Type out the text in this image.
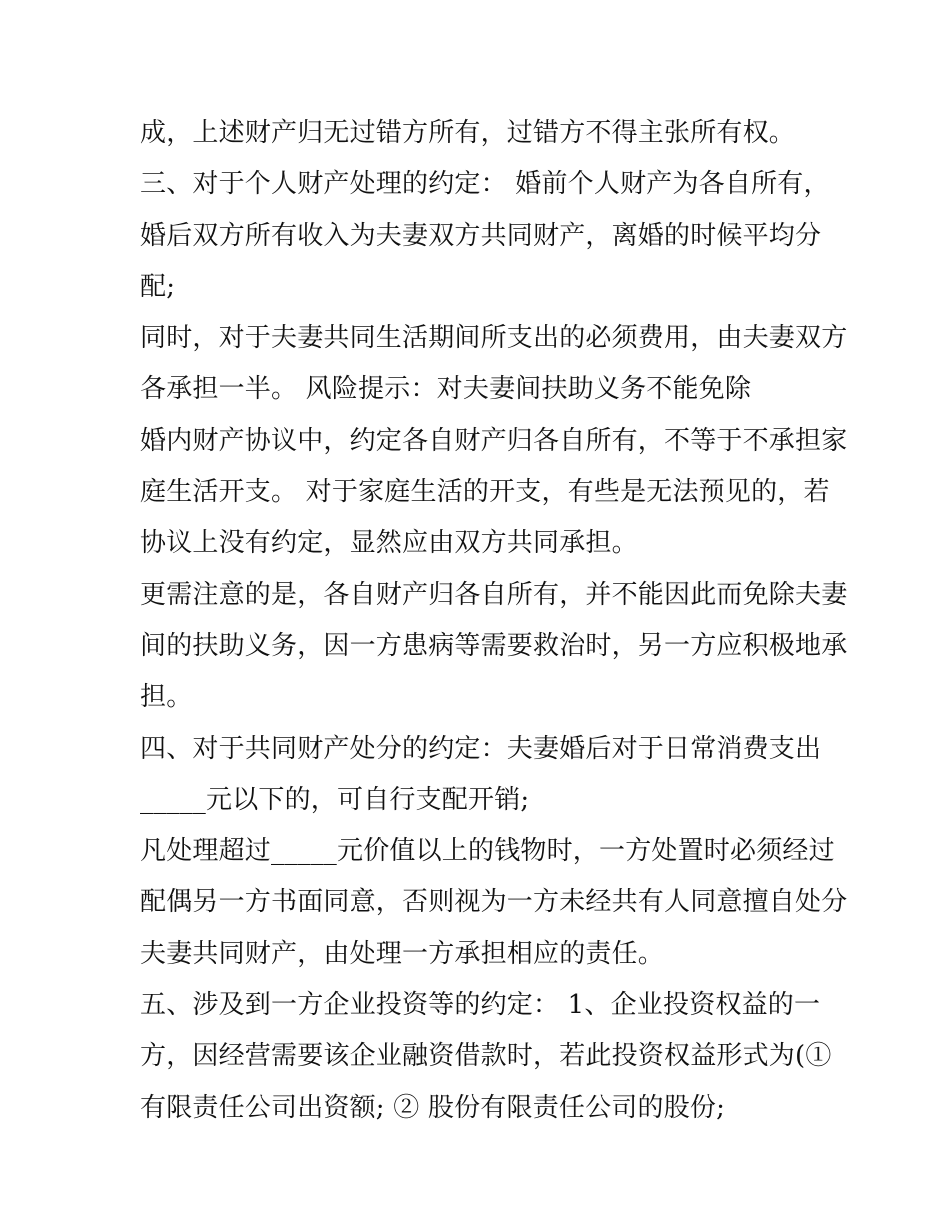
成，上述财产归无过错方所有，过错方不得主张所有权。
三、对于个人财产处理的约定： 婚前个人财产为各自所有，
婚后双方所有收入为夫妻双方共同财产，离婚的时候平均分
配;
同时，对于夫妻共同生活期间所支出的必须费用，由夫妻双方
各承担一半。 风险提示：对夫妻间扶助义务不能免除
婚内财产协议中，约定各自财产归各自所有，不等于不承担家
庭生活开支。 对于家庭生活的开支，有些是无法预见的，若
协议上没有约定，显然应由双方共同承担。
更需注意的是，各自财产归各自所有，并不能因此而免除夫妻
间的扶助义务，因一方患病等需要救治时，另一方应积极地承
担。
四、对于共同财产处分的约定：夫妻婚后对于日常消费支出
_____元以下的，可自行支配开销;
凡处理超过_____元价值以上的钱物时，一方处置时必须经过
配偶另一方书面同意，否则视为一方未经共有人同意擅自处分
夫妻共同财产，由处理一方承担相应的责任。
五、涉及到一方企业投资等的约定： 1、企业投资权益的一
方，因经营需要该企业融资借款时，若此投资权益形式为(①
有限责任公司出资额; ② 股份有限责任公司的股份;
